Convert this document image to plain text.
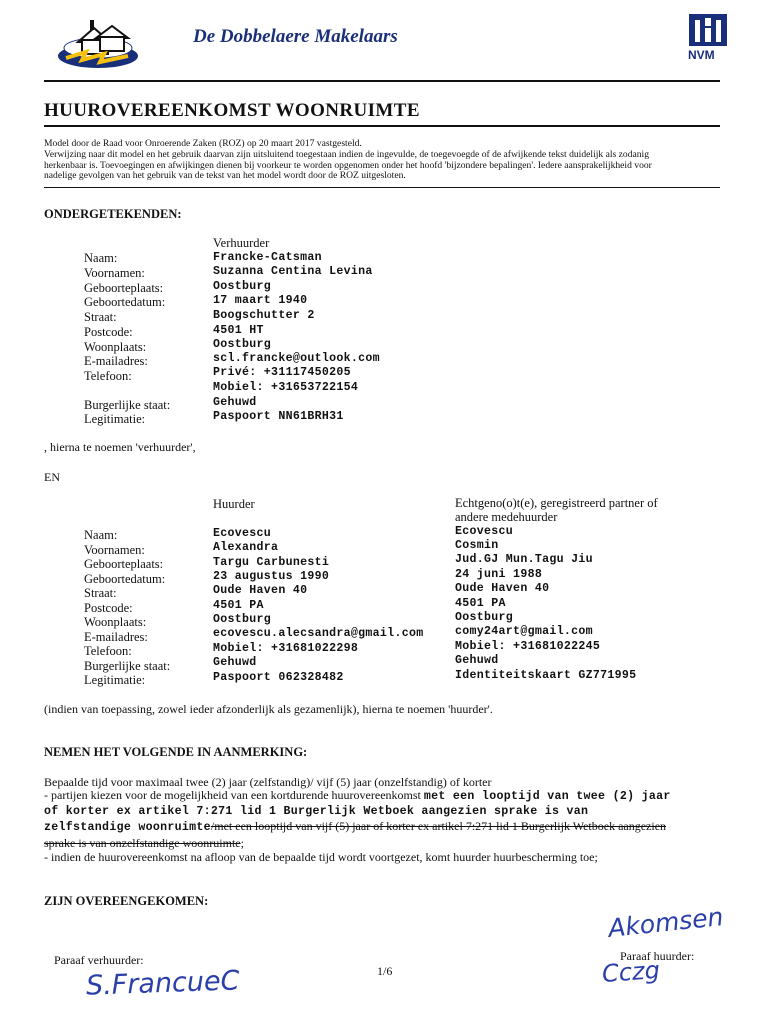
De Dobbelaere Makelaars
NVM
HUUROVEREENKOMST WOONRUIMTE
Model door de Raad voor Onroerende Zaken (ROZ) op 20 maart 2017 vastgesteld.
Verwijzing naar dit model en het gebruik daarvan zijn uitsluitend toegestaan indien de ingevulde, de toegevoegde of de afwijkende tekst duidelijk als zodanig
herkenbaar is. Toevoegingen en afwijkingen dienen bij voorkeur te worden opgenomen onder het hoofd 'bijzondere bepalingen'. Iedere aansprakelijkheid voor
nadelige gevolgen van het gebruik van de tekst van het model wordt door de ROZ uitgesloten.
ONDERGETEKENDEN:
Verhuurder
Naam:
Voornamen:
Geboorteplaats:
Geboortedatum:
Straat:
Postcode:
Woonplaats:
E-mailadres:
Telefoon:
Burgerlijke staat:
Legitimatie:
Francke-Catsman
Suzanna Centina Levina
Oostburg
17 maart 1940
Boogschutter 2
4501 HT
Oostburg
scl.francke@outlook.com
Privé: +31117450205
Mobiel: +31653722154
Gehuwd
Paspoort NN61BRH31
, hierna te noemen 'verhuurder',
EN
Huurder	Echtgeno(o)t(e), geregistreerd partner of
andere medehuurder
Naam:
Voornamen:
Geboorteplaats:
Geboortedatum:
Straat:
Postcode:
Woonplaats:
E-mailadres:
Telefoon:
Burgerlijke staat:
Legitimatie:
Ecovescu
Alexandra
Targu Carbunesti
23 augustus 1990
Oude Haven 40
4501 PA
Oostburg
ecovescu.alecsandra@gmail.com
Mobiel: +31681022298
Gehuwd
Paspoort 062328482
Ecovescu
Cosmin
Jud.GJ Mun.Tagu Jiu
24 juni 1988
Oude Haven 40
4501 PA
Oostburg
comy24art@gmail.com
Mobiel: +31681022245
Gehuwd
Identiteitskaart GZ771995
(indien van toepassing, zowel ieder afzonderlijk als gezamenlijk), hierna te noemen 'huurder'.
NEMEN HET VOLGENDE IN AANMERKING:
Bepaalde tijd voor maximaal twee (2) jaar (zelfstandig)/ vijf (5) jaar (onzelfstandig) of korter
- partijen kiezen voor de mogelijkheid van een kortdurende huurovereenkomst met een looptijd van twee (2) jaar
of korter ex artikel 7:271 lid 1 Burgerlijk Wetboek aangezien sprake is van
zelfstandige woonruimte/met een looptijd van vijf (5) jaar of korter ex artikel 7:271 lid 1 Burgerlijk Wetboek aangezien
sprake is van onzelfstandige woonruimte;
- indien de huurovereenkomst na afloop van de bepaalde tijd wordt voortgezet, komt huurder huurbescherming toe;
ZIJN OVEREENGEKOMEN:
Paraaf verhuurder:
S.FrancueC	1/6
Akomsen
Paraaf huurder:
Cczg
